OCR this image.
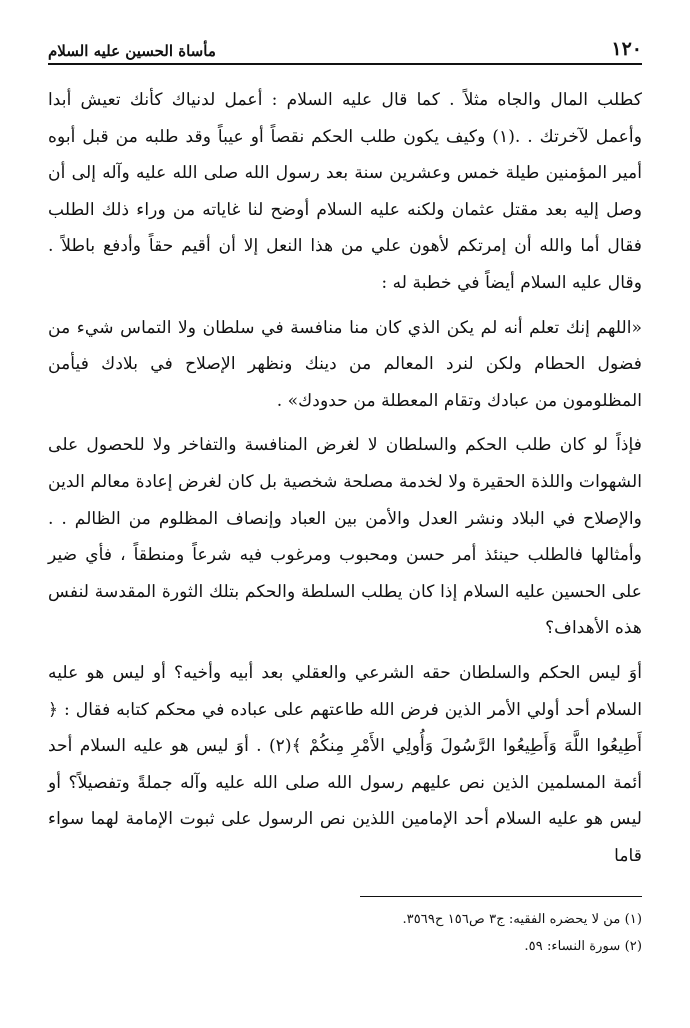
١٢٠
مأساة الحسين عليه السلام

كطلب المال والجاه مثلاً . كما قال عليه السلام : أعمل لدنياك كأنك تعيش أبدا وأعمل لآخرتك . .(١) وكيف يكون طلب الحكم نقصاً أو عيباً وقد طلبه من قبل أبوه أمير المؤمنين طيلة خمس وعشرين سنة بعد رسول الله صلى الله عليه وآله إلى أن وصل إليه بعد مقتل عثمان ولكنه عليه السلام أوضح لنا غاياته من وراء ذلك الطلب فقال أما والله أن إمرتكم لأهون علي من هذا النعل إلا أن أقيم حقاً وأدفع باطلاً . وقال عليه السلام أيضاً في خطبة له :

«اللهم إنك تعلم أنه لم يكن الذي كان منا منافسة في سلطان ولا التماس شيء من فضول الحطام ولكن لنرد المعالم من دينك ونظهر الإصلاح في بلادك فيأمن المظلومون من عبادك وتقام المعطلة من حدودك» .

فإذاً لو كان طلب الحكم والسلطان لا لغرض المنافسة والتفاخر ولا للحصول على الشهوات واللذة الحقيرة ولا لخدمة مصلحة شخصية بل كان لغرض إعادة معالم الدين والإصلاح في البلاد ونشر العدل والأمن بين العباد وإنصاف المظلوم من الظالم . . وأمثالها فالطلب حينئذ أمر حسن ومحبوب ومرغوب فيه شرعاً ومنطقاً ، فأي ضير على الحسين عليه السلام إذا كان يطلب السلطة والحكم بتلك الثورة المقدسة لنفس هذه الأهداف؟

أوَ ليس الحكم والسلطان حقه الشرعي والعقلي بعد أبيه وأخيه؟ أو ليس هو عليه السلام أحد أولي الأمر الذين فرض الله طاعتهم على عباده في محكم كتابه فقال : ﴿ أَطِيعُوا اللَّهَ وَأَطِيعُوا الرَّسُولَ وَأُولِي الأَمْرِ مِنكُمْ ﴾(٢) . أوَ ليس هو عليه السلام أحد أئمة المسلمين الذين نص عليهم رسول الله صلى الله عليه وآله جملةً وتفصيلاً؟ أو ليس هو عليه السلام أحد الإمامين اللذين نص الرسول على ثبوت الإمامة لهما سواء قاما

(١) من لا يحضره الفقيه: ج٣ ص١٥٦ ح٣٥٦٩.

(٢) سورة النساء: ٥٩.
